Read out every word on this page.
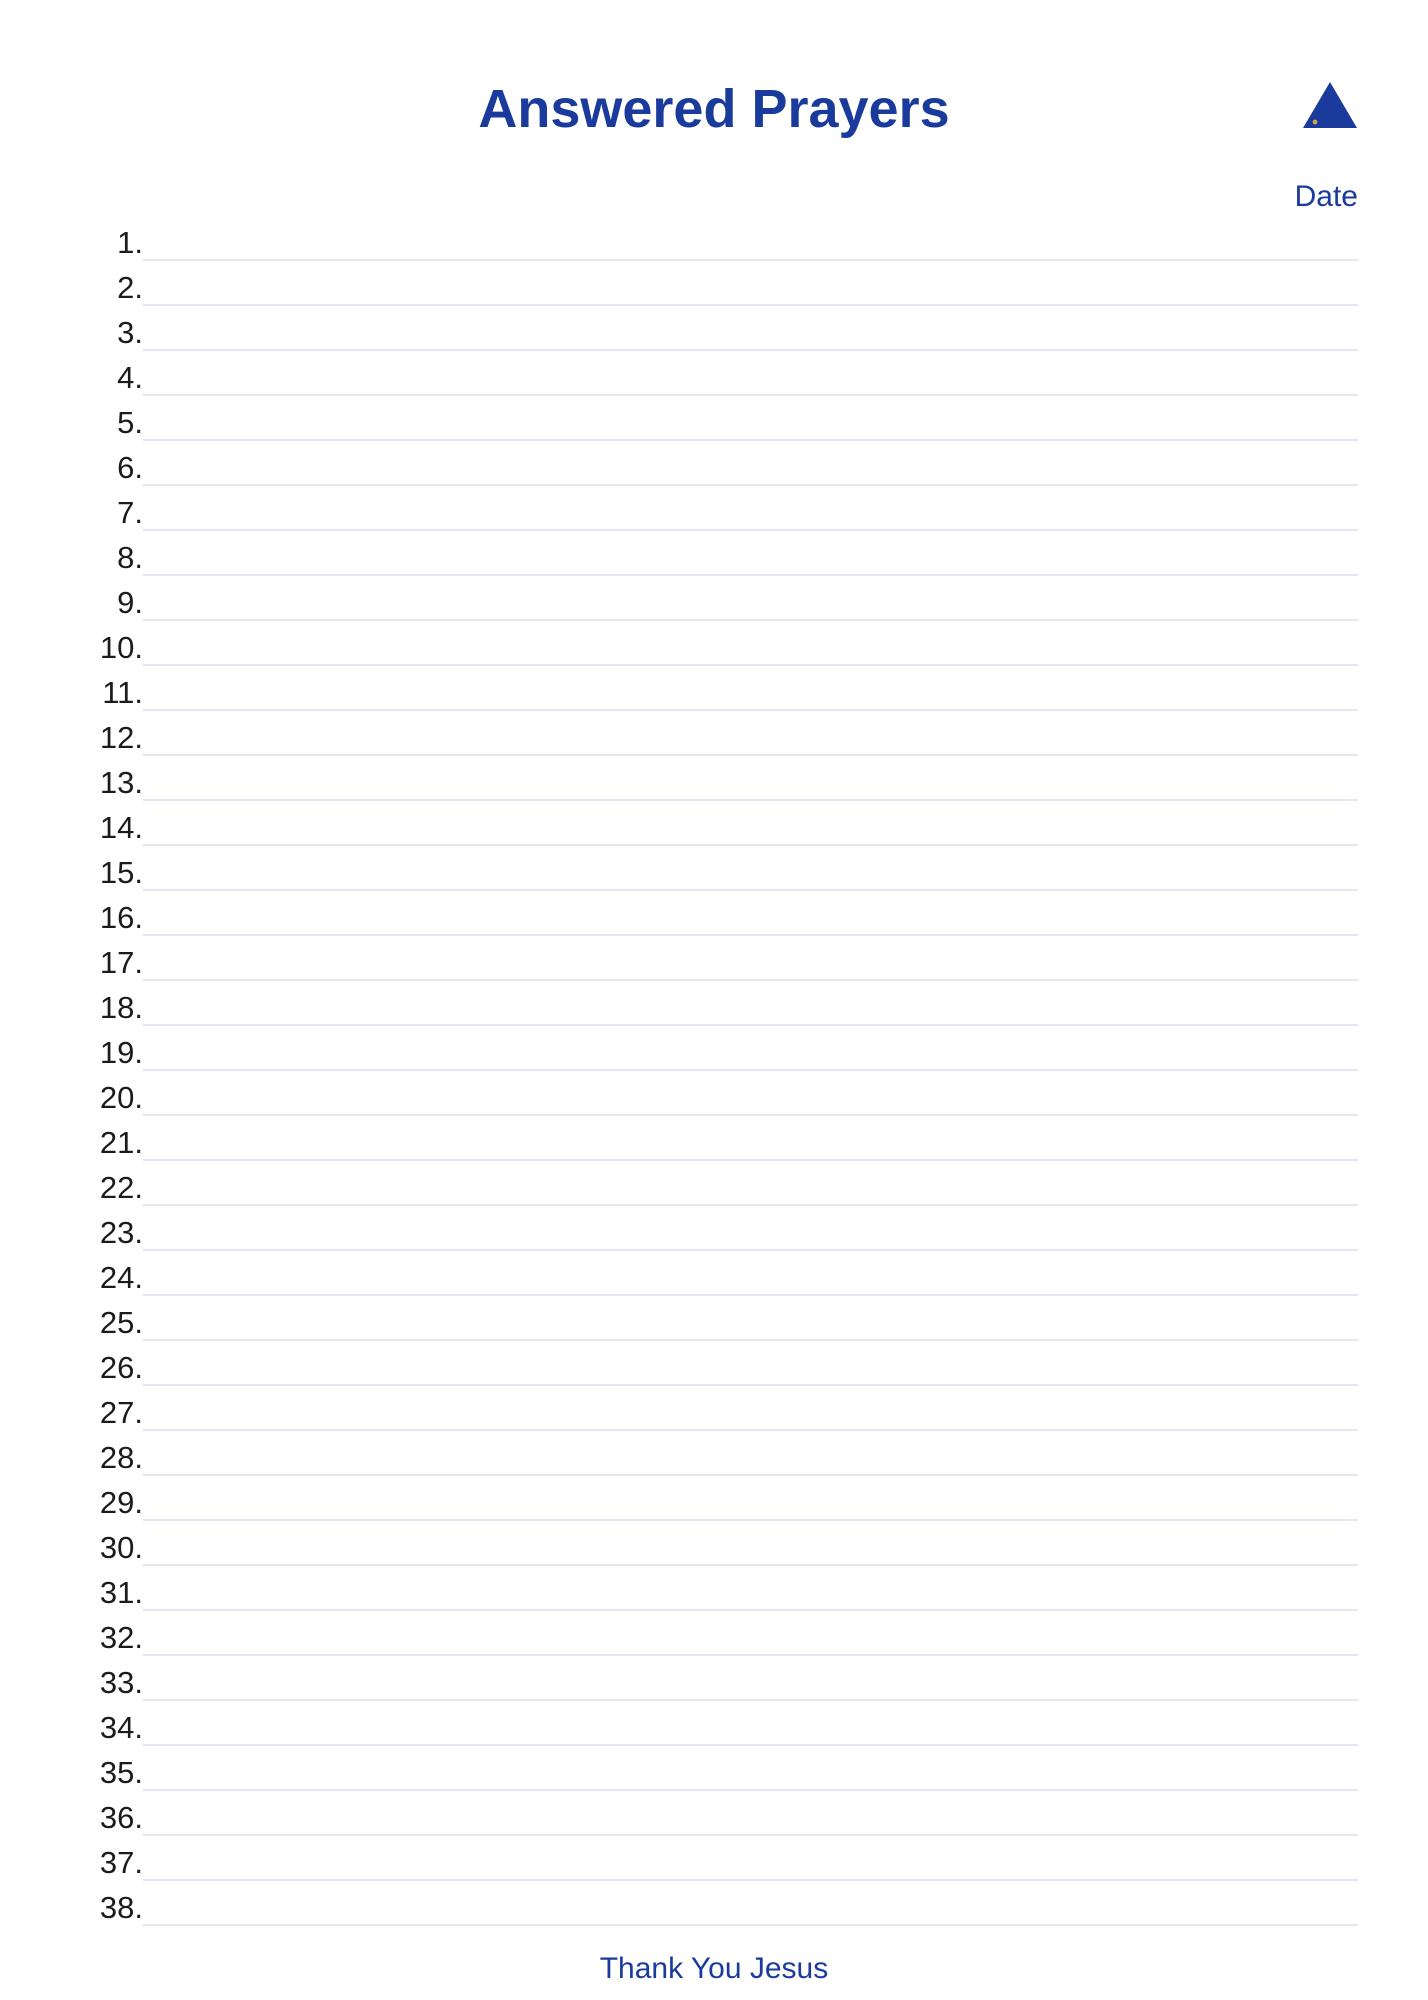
Answered Prayers
Date
1.
2.
3.
4.
5.
6.
7.
8.
9.
10.
11.
12.
13.
14.
15.
16.
17.
18.
19.
20.
21.
22.
23.
24.
25.
26.
27.
28.
29.
30.
31.
32.
33.
34.
35.
36.
37.
38.
Thank You Jesus
